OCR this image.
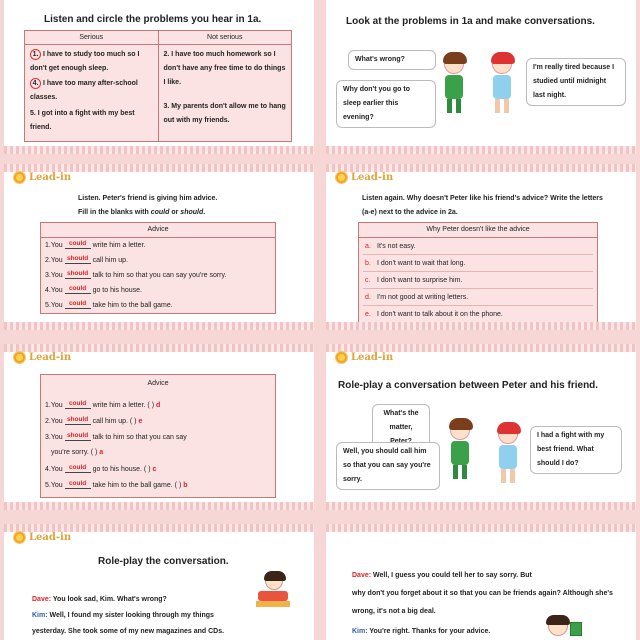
Listen and circle the problems you hear in 1a.
Serious	Not serious
1. I have to study too much so I don't get enough sleep.
4. I have too many after-school classes.
5. I got into a fight with my best friend.
2. I have too much homework so I don't have any free time to do things I like.
3. My parents don't allow me to hang out with my friends.
Look at the problems in 1a and make conversations.
What's wrong?
Why don't you go to sleep earlier this evening?
I'm really tired because I studied until midnight last night.
Lead-in
Listen. Peter's friend is giving him advice.
Fill in the blanks with could or should.
Advice
1.You could write him a letter.
2.You should call him up.
3.You should talk to him so that you can say you're sorry.
4.You could go to his house.
5.You could take him to the ball game.
Lead-in
Listen again. Why doesn't Peter like his friend's advice? Write the letters
(a-e) next to the advice in 2a.
Why Peter doesn't like the advice
a. It's not easy.
b. I don't want to wait that long.
c. I don't want to surprise him.
d. I'm not good at writing letters.
e. I don't want to talk about it on the phone.
Lead-in
Advice
1.You could write him a letter. ( ) d
2.You should call him up. ( ) e
3.You should talk to him so that you can say
you're sorry. ( ) a
4.You could go to his house. ( ) c
5.You could take him to the ball game. ( ) b
Lead-in
Role-play a conversation between Peter and his friend.
What's the matter,
Well, you should call him so that you can say you're sorry.
I had a fight with my best friend. What should I do?
Lead-in
Role-play the conversation.
Dave: You look sad, Kim. What's wrong?
Kim: Well, I found my sister looking through my things
yesterday. She took some of my new magazines and CDs.
Dave: Well, I guess you could tell her to say sorry. But
why don't you forget about it so that you can be friends again? Although she's
wrong, it's not a big deal.
Kim: You're right. Thanks for your advice.
